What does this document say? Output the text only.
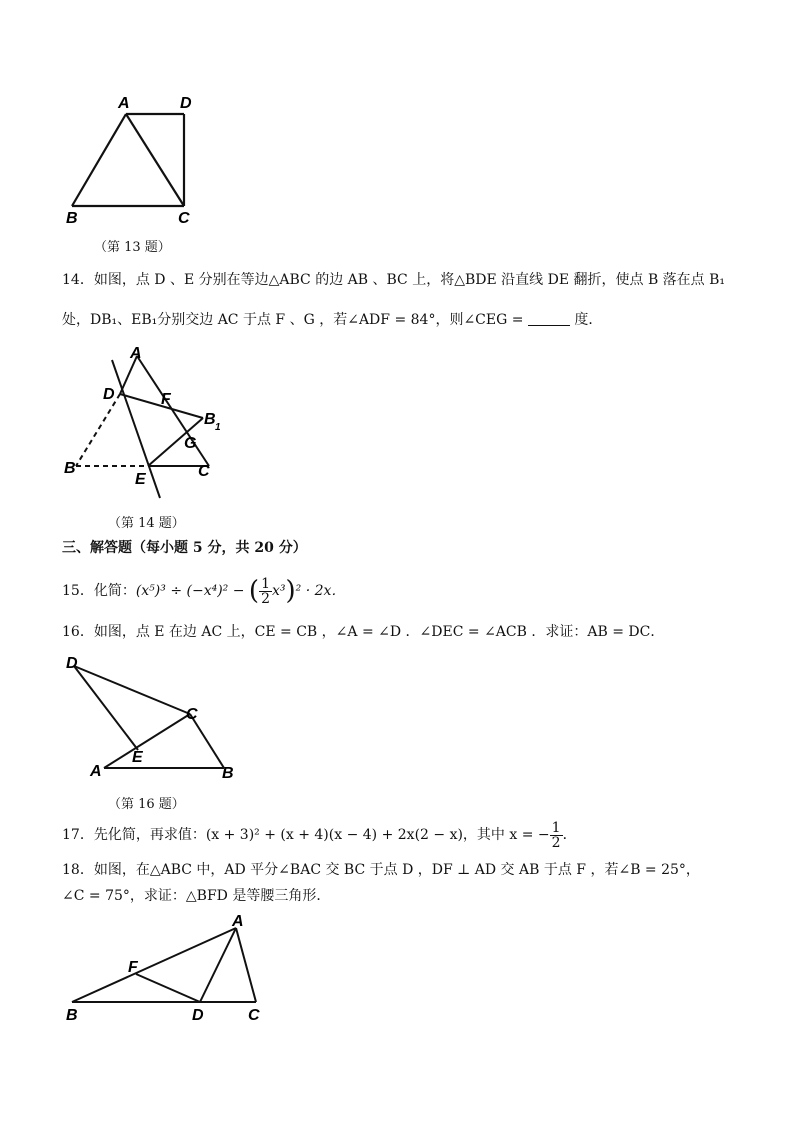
A	D
B	C
（第 13 题）
14．如图，点 D 、E 分别在等边△ABC 的边 AB 、BC 上，将△BDE 沿直线 DE 翻折，使点 B 落在点 B₁
处，DB₁、EB₁分别交边 AC 于点 F 、G ，若∠ADF = 84°，则∠CEG =	度．
A
D	F
B 1
G
B
E	C
（第 14 题）
三、解答题（每小题 5 分，共 20 分）
15．化简：(x⁵)³ ÷ (−x⁴)² − ( $\frac{1}{2} x^3)^2 \cdot 2x$．
16．如图，点 E 在边 AC 上，CE = CB ，∠A = ∠D ．∠DEC = ∠ACB ．求证：AB = DC．
D
C
E
A	B
（第 16 题）
17．先化简，再求值：(x + 3)² + (x + 4)(x − 4) + 2x(2 − x)，其中 x = − $\frac{1}{2}$ ．
18．如图，在△ABC 中，AD 平分∠BAC 交 BC 于点 D ，DF ⊥ AD 交 AB 于点 F ，若∠B = 25°，
∠C = 75°，求证：△BFD 是等腰三角形．
A
F
B	D	C
